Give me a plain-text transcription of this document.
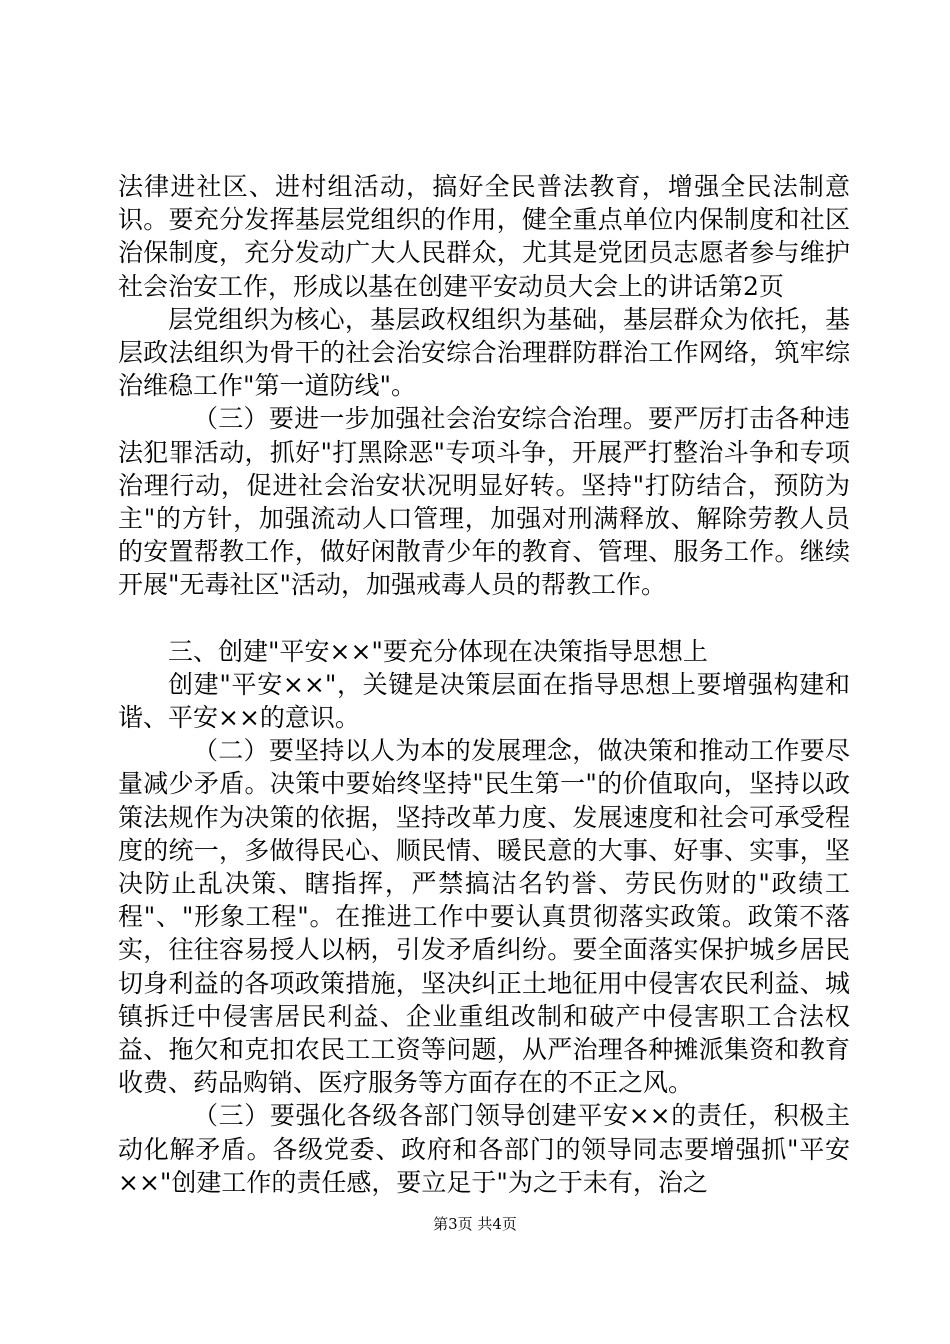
法律进社区、进村组活动，搞好全民普法教育，增强全民法制意识。要充分发挥基层党组织的作用，健全重点单位内保制度和社区治保制度，充分发动广大人民群众，尤其是党团员志愿者参与维护社会治安工作，形成以基在创建平安动员大会上的讲话第2页

层党组织为核心，基层政权组织为基础，基层群众为依托，基层政法组织为骨干的社会治安综合治理群防群治工作网络，筑牢综治维稳工作"第一道防线"。

（三）要进一步加强社会治安综合治理。要严厉打击各种违法犯罪活动，抓好"打黑除恶"专项斗争，开展严打整治斗争和专项治理行动，促进社会治安状况明显好转。坚持"打防结合，预防为主"的方针，加强流动人口管理，加强对刑满释放、解除劳教人员的安置帮教工作，做好闲散青少年的教育、管理、服务工作。继续开展"无毒社区"活动，加强戒毒人员的帮教工作。

三、创建"平安××"要充分体现在决策指导思想上

创建"平安××"，关键是决策层面在指导思想上要增强构建和谐、平安××的意识。

（二）要坚持以人为本的发展理念，做决策和推动工作要尽量减少矛盾。决策中要始终坚持"民生第一"的价值取向，坚持以政策法规作为决策的依据，坚持改革力度、发展速度和社会可承受程度的统一，多做得民心、顺民情、暖民意的大事、好事、实事，坚决防止乱决策、瞎指挥，严禁搞沽名钓誉、劳民伤财的"政绩工程"、"形象工程"。在推进工作中要认真贯彻落实政策。政策不落实，往往容易授人以柄，引发矛盾纠纷。要全面落实保护城乡居民切身利益的各项政策措施，坚决纠正土地征用中侵害农民利益、城镇拆迁中侵害居民利益、企业重组改制和破产中侵害职工合法权益、拖欠和克扣农民工工资等问题，从严治理各种摊派集资和教育收费、药品购销、医疗服务等方面存在的不正之风。

（三）要强化各级各部门领导创建平安××的责任，积极主动化解矛盾。各级党委、政府和各部门的领导同志要增强抓"平安××"创建工作的责任感，要立足于"为之于未有，治之

第3页 共4页
